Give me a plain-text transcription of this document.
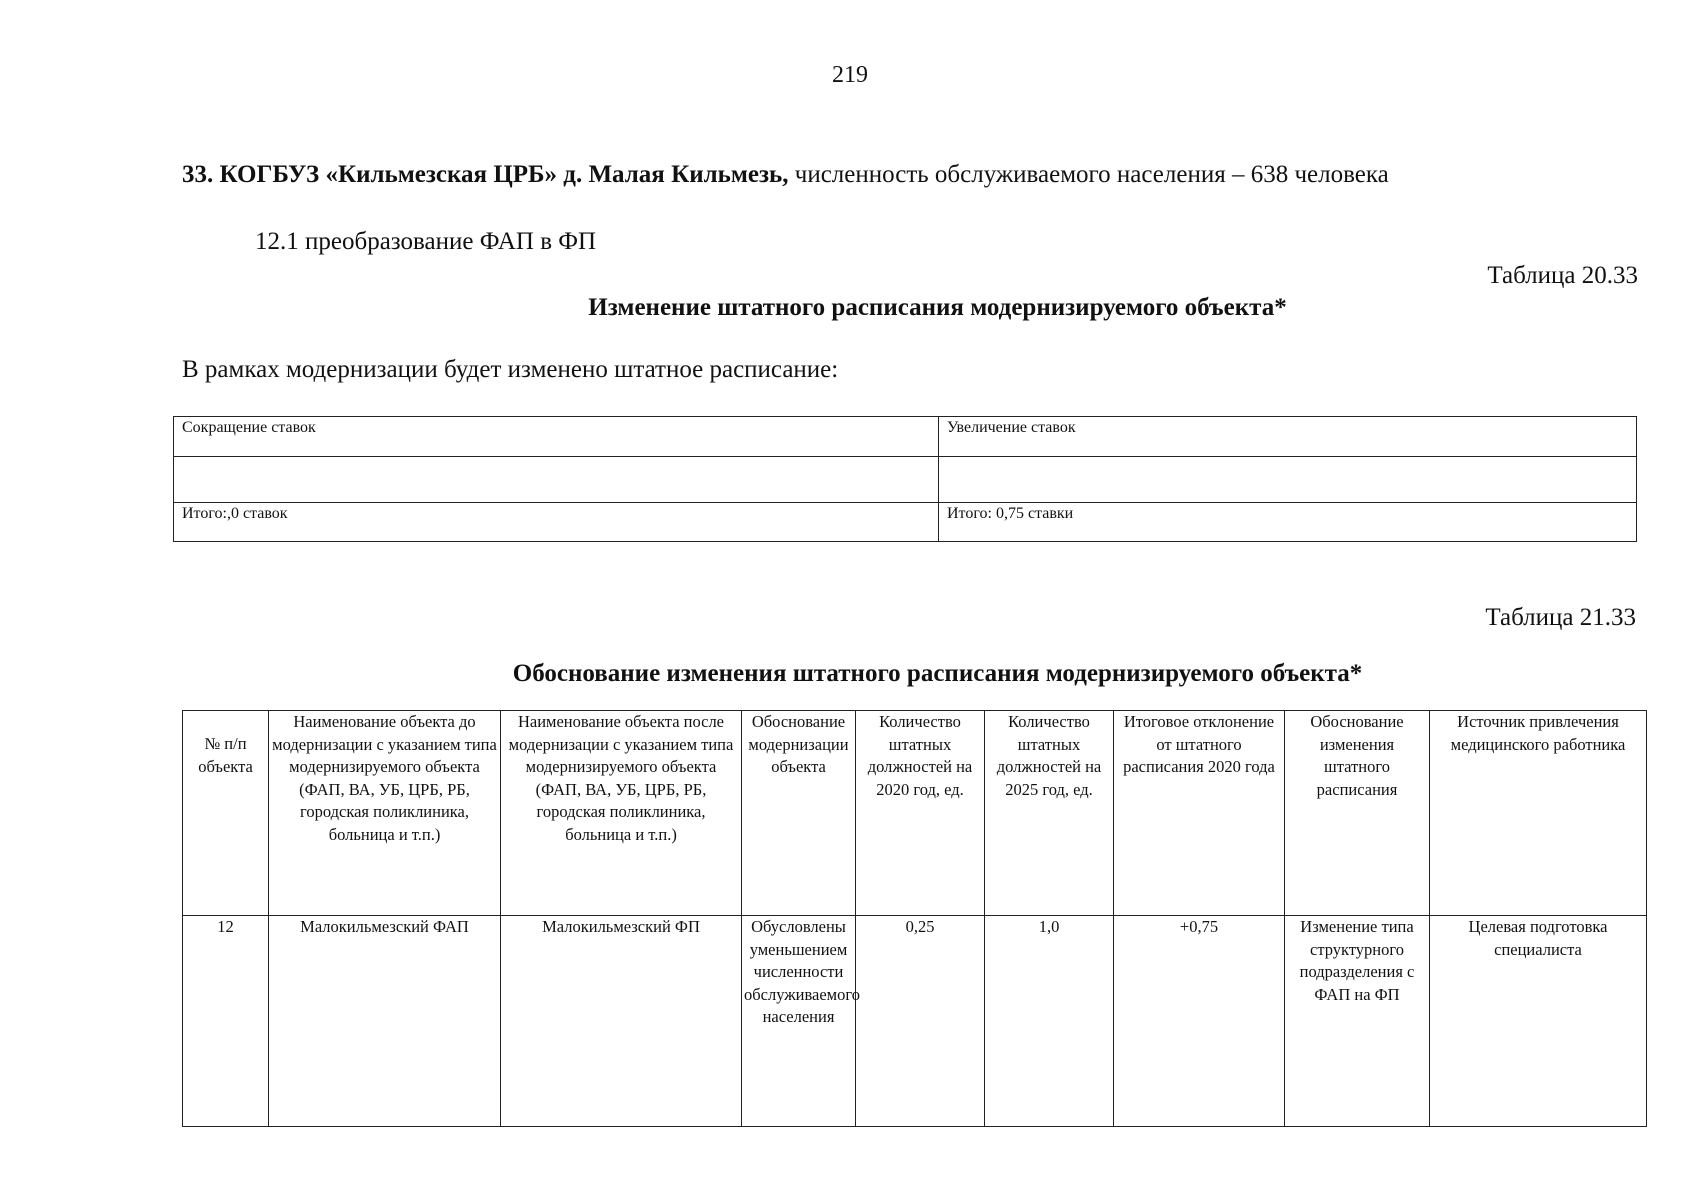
219
33. КОГБУЗ «Кильмезская ЦРБ» д. Малая Кильмезь, численность обслуживаемого населения – 638 человека
12.1 преобразование ФАП в ФП
Таблица 20.33
Изменение штатного расписания модернизируемого объекта*
В рамках модернизации будет изменено штатное расписание:
Сокращение ставок	Увеличение ставок

Итого:,0 ставок	Итого: 0,75 ставки
Таблица 21.33
Обоснование изменения штатного расписания модернизируемого объекта*
№ п/п объекта	Наименование объекта до модернизации с указанием типа модернизируемого объекта (ФАП, ВА, УБ, ЦРБ, РБ, городская поликлиника, больница и т.п.)	Наименование объекта после модернизации с указанием типа модернизируемого объекта (ФАП, ВА, УБ, ЦРБ, РБ, городская поликлиника, больница и т.п.)	Обоснование модернизации объекта	Количество штатных должностей на 2020 год, ед.	Количество штатных должностей на 2025 год, ед.	Итоговое отклонение от штатного расписания 2020 года	Обоснование изменения штатного расписания	Источник привлечения медицинского работника
12	Малокильмезский ФАП	Малокильмезский ФП	Обусловлены уменьшением численности обслуживаемого населения	0,25	1,0	+0,75	Изменение типа структурного подразделения с ФАП на ФП	Целевая подготовка специалиста
